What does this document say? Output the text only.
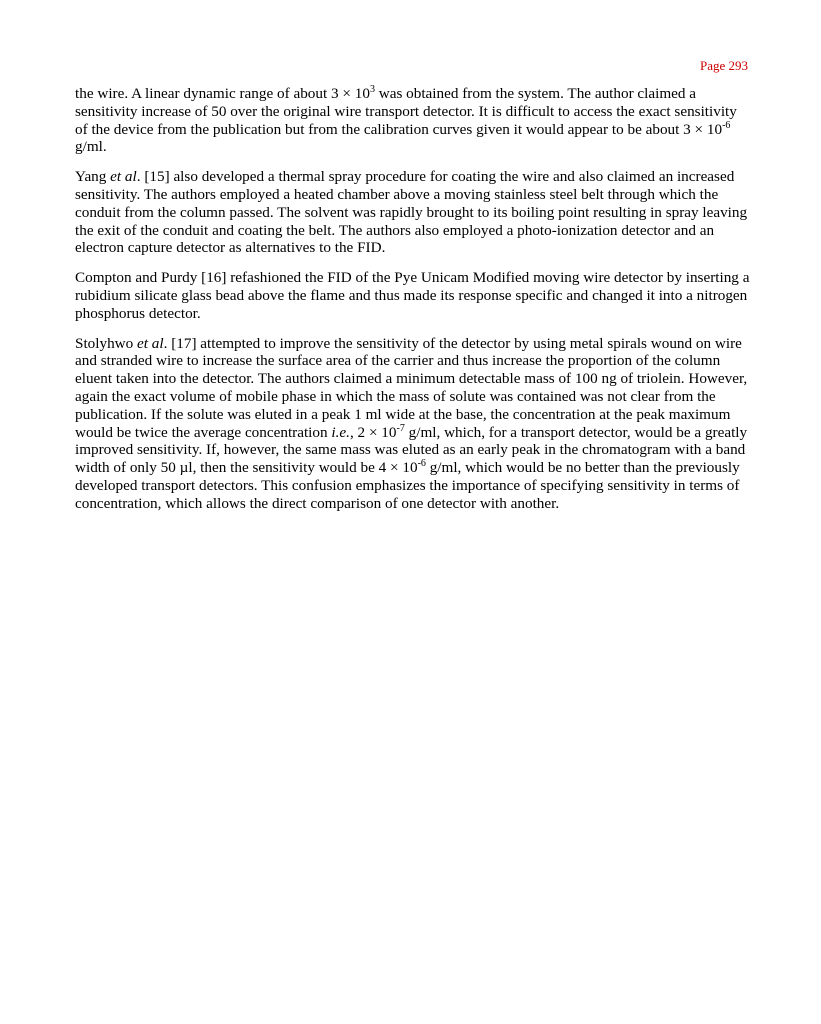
Page 293

the wire. A linear dynamic range of about $3 \times 10^3$ was obtained from the system. The author claimed a sensitivity increase of 50 over the original wire transport detector. It is difficult to access the exact sensitivity of the device from the publication but from the calibration curves given it would appear to be about $3 \times 10^{-6}$ g/ml.

Yang et al. [15] also developed a thermal spray procedure for coating the wire and also claimed an increased sensitivity. The authors employed a heated chamber above a moving stainless steel belt through which the conduit from the column passed. The solvent was rapidly brought to its boiling point resulting in spray leaving the exit of the conduit and coating the belt. The authors also employed a photo-ionization detector and an electron capture detector as alternatives to the FID.

Compton and Purdy [16] refashioned the FID of the Pye Unicam Modified moving wire detector by inserting a rubidium silicate glass bead above the flame and thus made its response specific and changed it into a nitrogen phosphorus detector.

Stolyhwo et al. [17] attempted to improve the sensitivity of the detector by using metal spirals wound on wire and stranded wire to increase the surface area of the carrier and thus increase the proportion of the column eluent taken into the detector. The authors claimed a minimum detectable mass of 100 ng of triolein. However, again the exact volume of mobile phase in which the mass of solute was contained was not clear from the publication. If the solute was eluted in a peak 1 ml wide at the base, the concentration at the peak maximum would be twice the average concentration i.e., $2 \times 10^{-7}$ g/ml, which, for a transport detector, would be a greatly improved sensitivity. If, however, the same mass was eluted as an early peak in the chromatogram with a band width of only 50 µl, then the sensitivity would be $4 \times 10^{-6}$ g/ml, which would be no better than the previously developed transport detectors. This confusion emphasizes the importance of specifying sensitivity in terms of concentration, which allows the direct comparison of one detector with another.
